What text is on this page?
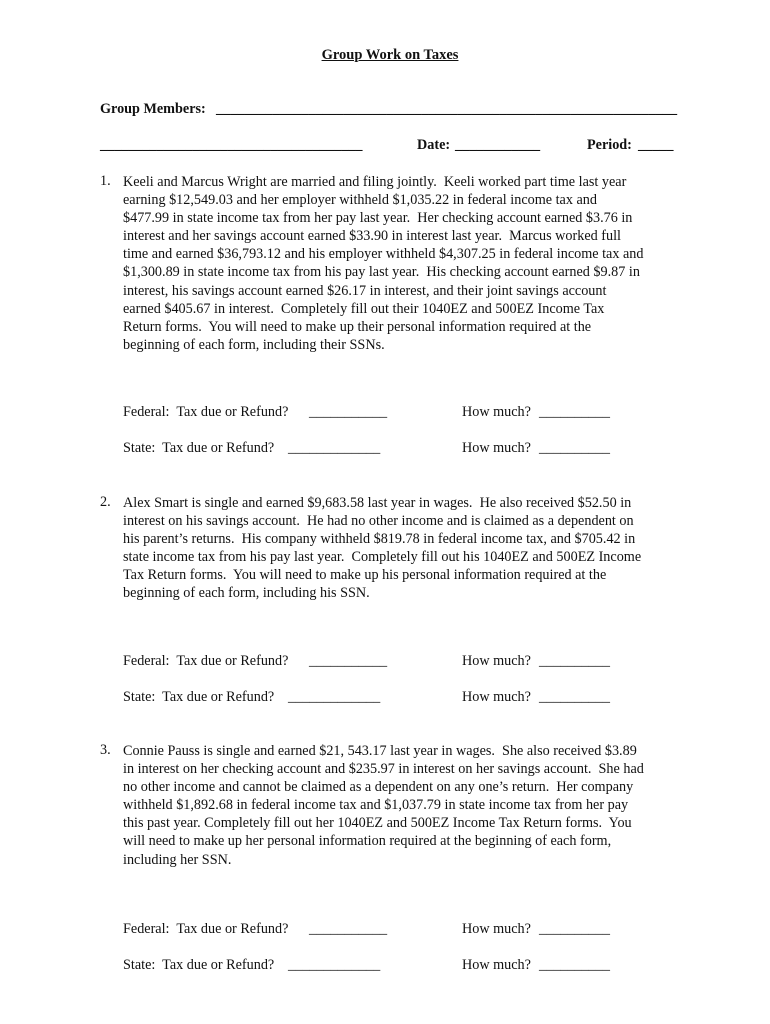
Group Work on Taxes
Group Members: _________________________________________________________________
_____________________________________	Date: ____________	Period: _____
1. Keeli and Marcus Wright are married and filing jointly.  Keeli worked part time last year
earning $12,549.03 and her employer withheld $1,035.22 in federal income tax and
$477.99 in state income tax from her pay last year.  Her checking account earned $3.76 in
interest and her savings account earned $33.90 in interest last year.  Marcus worked full
time and earned $36,793.12 and his employer withheld $4,307.25 in federal income tax and
$1,300.89 in state income tax from his pay last year.  His checking account earned $9.87 in
interest, his savings account earned $26.17 in interest, and their joint savings account
earned $405.67 in interest.  Completely fill out their 1040EZ and 500EZ Income Tax
Return forms.  You will need to make up their personal information required at the
beginning of each form, including their SSNs.
Federal:  Tax due or Refund? ___________	How much? __________
State:  Tax due or Refund? _____________	How much? __________
2. Alex Smart is single and earned $9,683.58 last year in wages.  He also received $52.50 in
interest on his savings account.  He had no other income and is claimed as a dependent on
his parent’s returns.  His company withheld $819.78 in federal income tax, and $705.42 in
state income tax from his pay last year.  Completely fill out his 1040EZ and 500EZ Income
Tax Return forms.  You will need to make up his personal information required at the
beginning of each form, including his SSN.
Federal:  Tax due or Refund? ___________	How much? __________
State:  Tax due or Refund? _____________	How much? __________
3. Connie Pauss is single and earned $21, 543.17 last year in wages.  She also received $3.89
in interest on her checking account and $235.97 in interest on her savings account.  She had
no other income and cannot be claimed as a dependent on any one’s return.  Her company
withheld $1,892.68 in federal income tax and $1,037.79 in state income tax from her pay
this past year. Completely fill out her 1040EZ and 500EZ Income Tax Return forms.  You
will need to make up her personal information required at the beginning of each form,
including her SSN.
Federal:  Tax due or Refund? ___________	How much? __________
State:  Tax due or Refund? _____________	How much? __________
